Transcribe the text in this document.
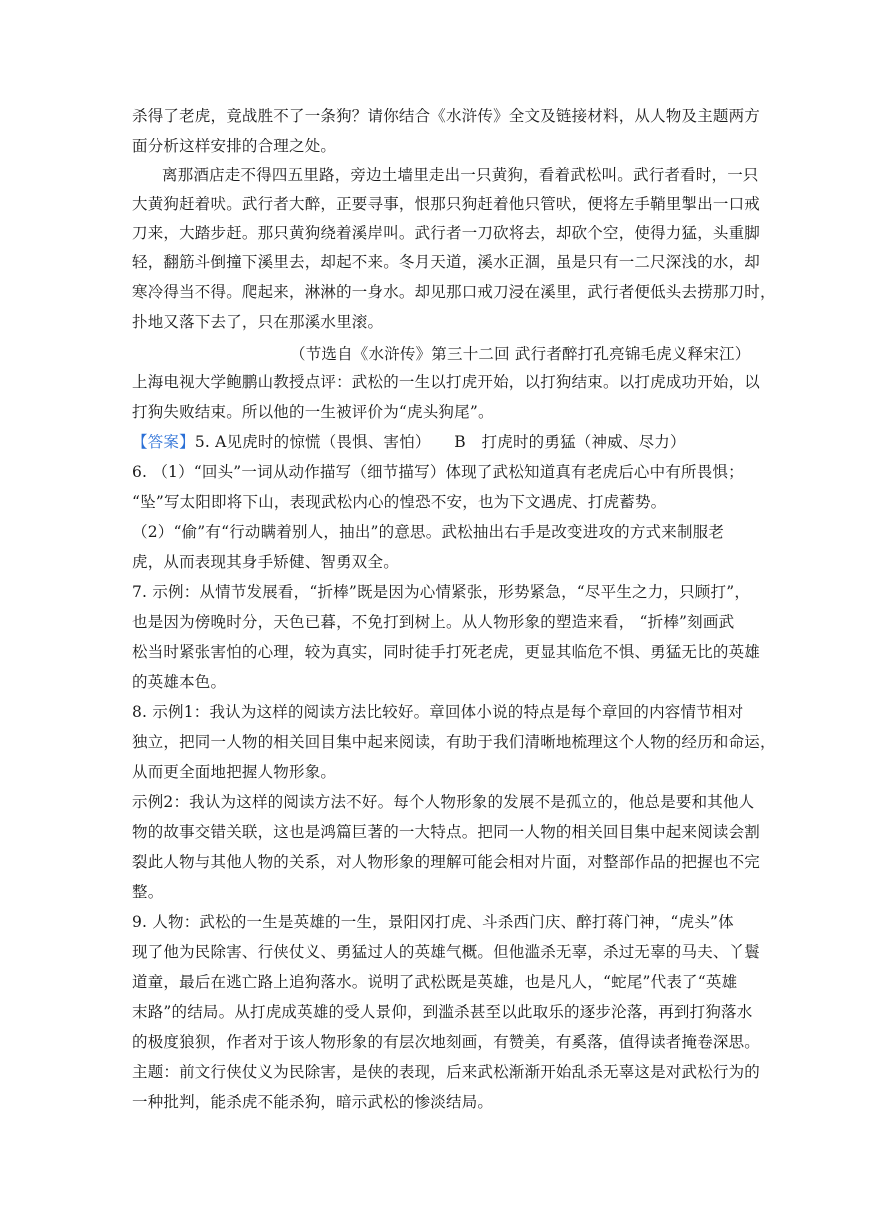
杀得了老虎，竟战胜不了一条狗？请你结合《水浒传》全文及链接材料，从人物及主题两方
面分析这样安排的合理之处。
离那酒店走不得四五里路，旁边土墙里走出一只黄狗，看着武松叫。武行者看时，一只
大黄狗赶着吠。武行者大醉，正要寻事，恨那只狗赶着他只管吠，便将左手鞘里掣出一口戒
刀来，大踏步赶。那只黄狗绕着溪岸叫。武行者一刀砍将去，却砍个空，使得力猛，头重脚
轻，翻筋斗倒撞下溪里去，却起不来。冬月天道，溪水正涸，虽是只有一二尺深浅的水，却
寒冷得当不得。爬起来，淋淋的一身水。却见那口戒刀浸在溪里，武行者便低头去捞那刀时，
扑地又落下去了，只在那溪水里滚。
（节选自《水浒传》第三十二回 武行者醉打孔亮锦毛虎义释宋江）
上海电视大学鲍鹏山教授点评：武松的一生以打虎开始，以打狗结束。以打虎成功开始，以
打狗失败结束。所以他的一生被评价为“虎头狗尾”。
【答案】5. A见虎时的惊慌（畏惧、害怕）　　B　打虎时的勇猛（神威、尽力）
6. （1）“回头”一词从动作描写（细节描写）体现了武松知道真有老虎后心中有所畏惧；
“坠”写太阳即将下山，表现武松内心的惶恐不安，也为下文遇虎、打虎蓄势。
（2）“偷”有“行动瞒着别人，抽出”的意思。武松抽出右手是改变进攻的方式来制服老
虎，从而表现其身手矫健、智勇双全。
7. 示例：从情节发展看，“折棒”既是因为心情紧张，形势紧急，“尽平生之力，只顾打”，
也是因为傍晚时分，天色已暮，不免打到树上。从人物形象的塑造来看， “折棒”刻画武
松当时紧张害怕的心理，较为真实，同时徒手打死老虎，更显其临危不惧、勇猛无比的英雄
的英雄本色。
8. 示例1：我认为这样的阅读方法比较好。章回体小说的特点是每个章回的内容情节相对
独立，把同一人物的相关回目集中起来阅读，有助于我们清晰地梳理这个人物的经历和命运，
从而更全面地把握人物形象。
示例2：我认为这样的阅读方法不好。每个人物形象的发展不是孤立的，他总是要和其他人
物的故事交错关联，这也是鸿篇巨著的一大特点。把同一人物的相关回目集中起来阅读会割
裂此人物与其他人物的关系，对人物形象的理解可能会相对片面，对整部作品的把握也不完
整。
9. 人物：武松的一生是英雄的一生，景阳冈打虎、斗杀西门庆、醉打蒋门神，“虎头”体
现了他为民除害、行侠仗义、勇猛过人的英雄气概。但他滥杀无辜，杀过无辜的马夫、丫鬟
道童，最后在逃亡路上追狗落水。说明了武松既是英雄，也是凡人，“蛇尾”代表了“英雄
末路”的结局。从打虎成英雄的受人景仰，到滥杀甚至以此取乐的逐步沦落，再到打狗落水
的极度狼狈，作者对于该人物形象的有层次地刻画，有赞美，有奚落，值得读者掩卷深思。
主题：前文行侠仗义为民除害，是侠的表现，后来武松渐渐开始乱杀无辜这是对武松行为的
一种批判，能杀虎不能杀狗，暗示武松的惨淡结局。
